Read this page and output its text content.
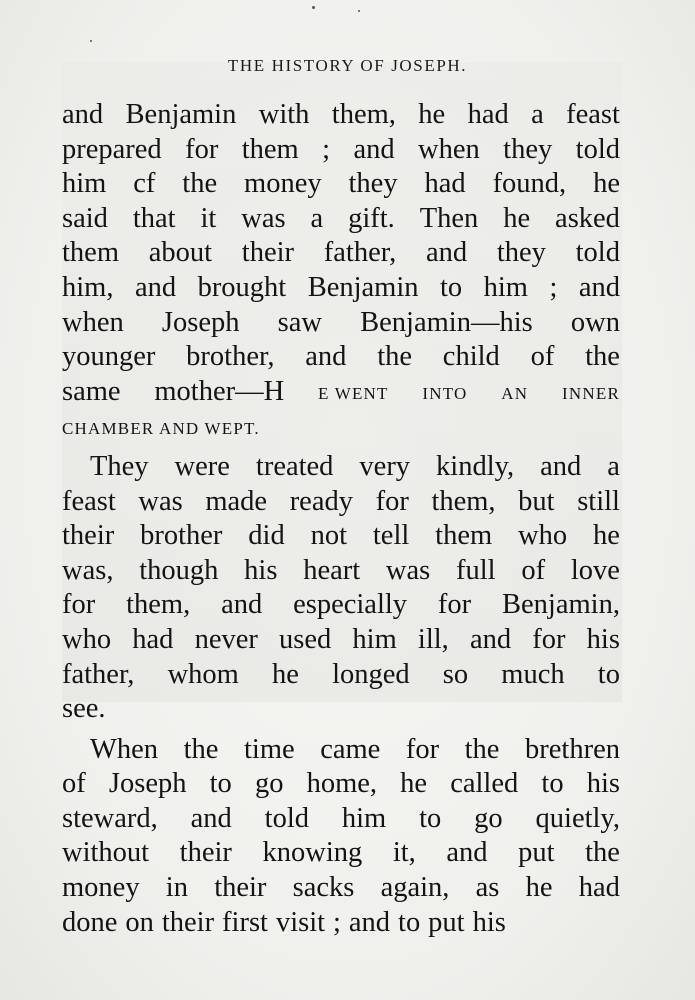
THE HISTORY OF JOSEPH.
and Benjamin with them, he had a feast
prepared for them ; and when they told
him cf the money they had found, he
said that it was a gift. Then he asked
them about their father, and they told
him, and brought Benjamin to him ; and
when Joseph saw Benjamin—his own
younger brother, and the child of the
same mother—H E WENT INTO AN INNER
CHAMBER AND WEPT.
They were treated very kindly, and a
feast was made ready for them, but still
their brother did not tell them who he
was, though his heart was full of love
for them, and especially for Benjamin,
who had never used him ill, and for his
father, whom he longed so much to
see.
When the time came for the brethren
of Joseph to go home, he called to his
steward, and told him to go quietly,
without their knowing it, and put the
money in their sacks again, as he had
done on their first visit ; and to put his
